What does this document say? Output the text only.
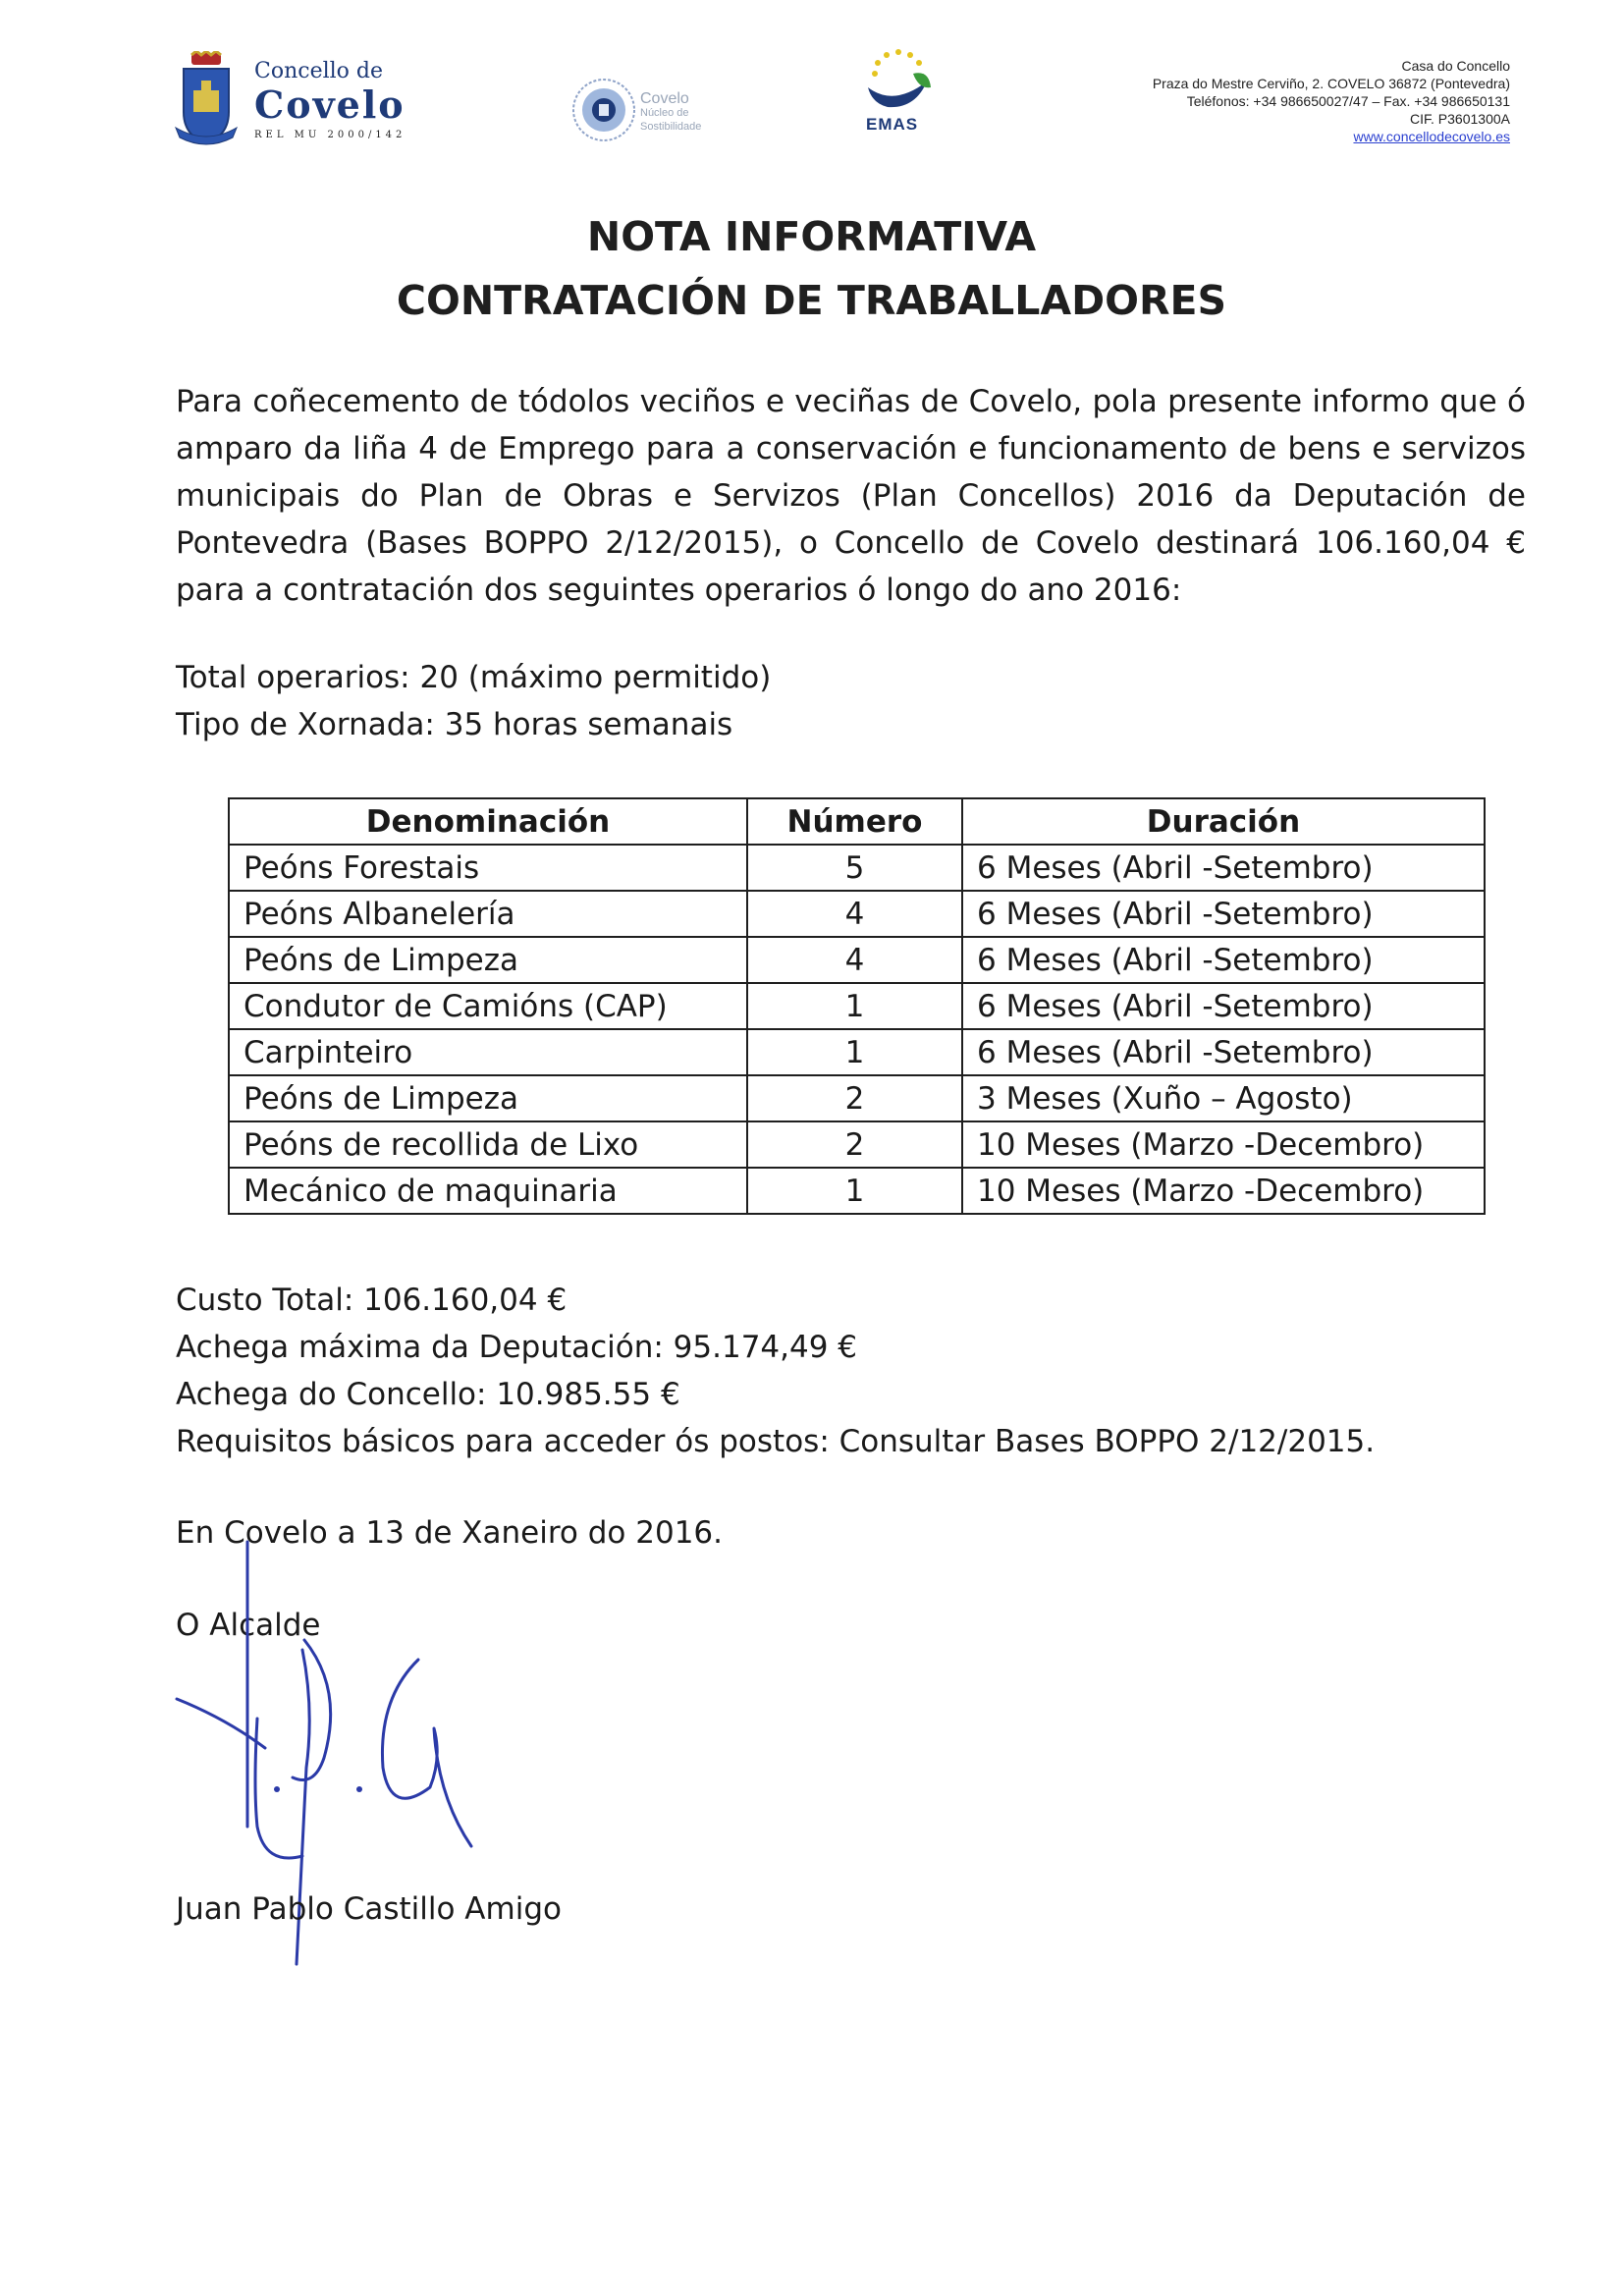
Concello de
Covelo
REL MU 2000/142
Covelo
Núcleo de
Sostibilidade	EMAS
Casa do Concello
Praza do Mestre Cerviño, 2. COVELO 36872 (Pontevedra)
Teléfonos: +34 986650027/47 – Fax. +34 986650131
CIF. P3601300A
www.concellodecovelo.es
NOTA INFORMATIVA
CONTRATACIÓN DE TRABALLADORES
Para coñecemento de tódolos veciños e veciñas de Covelo, pola presente informo que ó amparo da liña 4 de Emprego para a conservación e funcionamento de bens e servizos municipais do Plan de Obras e Servizos (Plan Concellos) 2016 da Deputación de Pontevedra (Bases BOPPO 2/12/2015), o Concello de Covelo destinará 106.160,04 € para a contratación dos seguintes operarios ó longo do ano 2016:
Total operarios: 20 (máximo permitido)
Tipo de Xornada: 35 horas semanais
Denominación	Número	Duración
Peóns Forestais	5	6 Meses (Abril -Setembro)
Peóns Albanelería	4	6 Meses (Abril -Setembro)
Peóns de Limpeza	4	6 Meses (Abril -Setembro)
Condutor de Camións (CAP)	1	6 Meses (Abril -Setembro)
Carpinteiro	1	6 Meses (Abril -Setembro)
Peóns de Limpeza	2	3 Meses (Xuño – Agosto)
Peóns de recollida de Lixo	2	10 Meses (Marzo -Decembro)
Mecánico de maquinaria	1	10 Meses (Marzo -Decembro)
Custo Total: 106.160,04 €
Achega máxima da Deputación: 95.174,49 €
Achega do Concello: 10.985.55 €
Requisitos básicos para acceder ós postos: Consultar Bases BOPPO 2/12/2015.
En Covelo a 13 de Xaneiro do 2016.
O Alcalde
Juan Pablo Castillo Amigo
